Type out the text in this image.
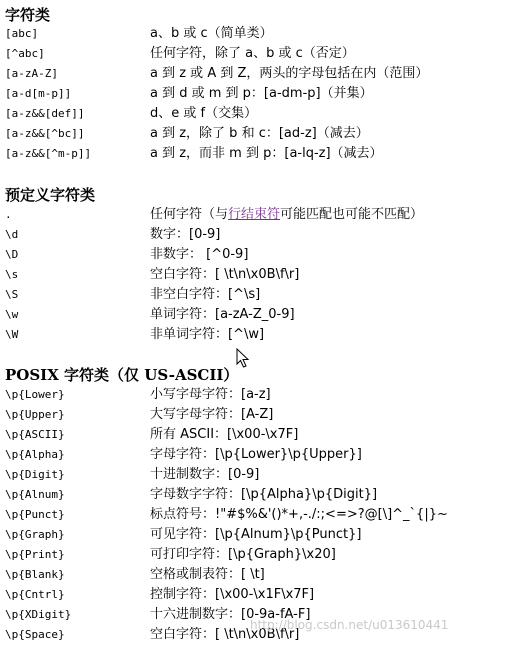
字符类
[abc]	a、b 或 c（简单类）
[^abc]	任何字符，除了 a、b 或 c（否定）
[a-zA-Z]	a 到 z 或 A 到 Z，两头的字母包括在内（范围）
[a-d[m-p]]	a 到 d 或 m 到 p：[a-dm-p]（并集）
[a-z&&[def]]	d、e 或 f（交集）
[a-z&&[^bc]]	a 到 z，除了 b 和 c：[ad-z]（减去）
[a-z&&[^m-p]]	a 到 z，而非 m 到 p：[a-lq-z]（减去）
预定义字符类
.	任何字符（与行结束符可能匹配也可能不匹配）
\d	数字：[0-9]
\D	非数字： [^0-9]
\s	空白字符：[ \t\n\x0B\f\r]
\S	非空白字符：[^\s]
\w	单词字符：[a-zA-Z_0-9]
\W	非单词字符：[^\w]
POSIX 字符类（仅 US-ASCII）
\p{Lower}	小写字母字符：[a-z]
\p{Upper}	大写字母字符：[A-Z]
\p{ASCII}	所有 ASCII：[\x00-\x7F]
\p{Alpha}	字母字符：[\p{Lower}\p{Upper}]
\p{Digit}	十进制数字：[0-9]
\p{Alnum}	字母数字字符：[\p{Alpha}\p{Digit}]
\p{Punct}	标点符号：!"#$%&'()*+,-./:;<=>?@[\]^_`{|}~
\p{Graph}	可见字符：[\p{Alnum}\p{Punct}]
\p{Print}	可打印字符：[\p{Graph}\x20]
\p{Blank}	空格或制表符：[ \t]
\p{Cntrl}	控制字符：[\x00-\x1F\x7F]
\p{XDigit}	十六进制数字：[0-9a-fA-F]
\p{Space}	空白字符：[ \t\n\x0B\f\r]
http://blog.csdn.net/u013610441
